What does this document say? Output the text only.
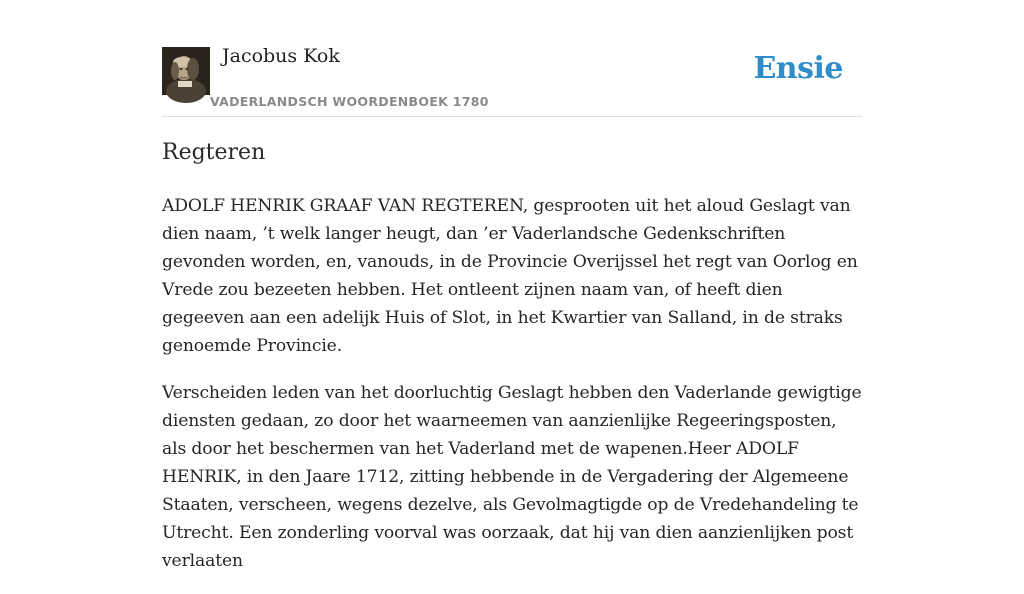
Jacobus Kok
VADERLANDSCH WOORDENBOEK 1780
Ensie
Regteren

ADOLF HENRIK GRAAF VAN REGTEREN, gesprooten uit het aloud Geslagt van dien naam, ’t welk langer heugt, dan ’er Vaderlandsche Gedenkschriften gevonden worden, en, vanouds, in de Provincie Overijssel het regt van Oorlog en Vrede zou bezeeten hebben. Het ontleent zijnen naam van, of heeft dien gegeeven aan een adelijk Huis of Slot, in het Kwartier van Salland, in de straks genoemde Provincie.

Verscheiden leden van het doorluchtig Geslagt hebben den Vaderlande gewigtige diensten gedaan, zo door het waarneemen van aanzienlijke Regeeringsposten, als door het beschermen van het Vaderland met de wapenen.Heer ADOLF HENRIK, in den Jaare 1712, zitting hebbende in de Vergadering der Algemeene Staaten, verscheen, wegens dezelve, als Gevolmagtigde op de Vredehandeling te Utrecht. Een zonderling voorval was oorzaak, dat hij van dien aanzienlijken post verlaaten
